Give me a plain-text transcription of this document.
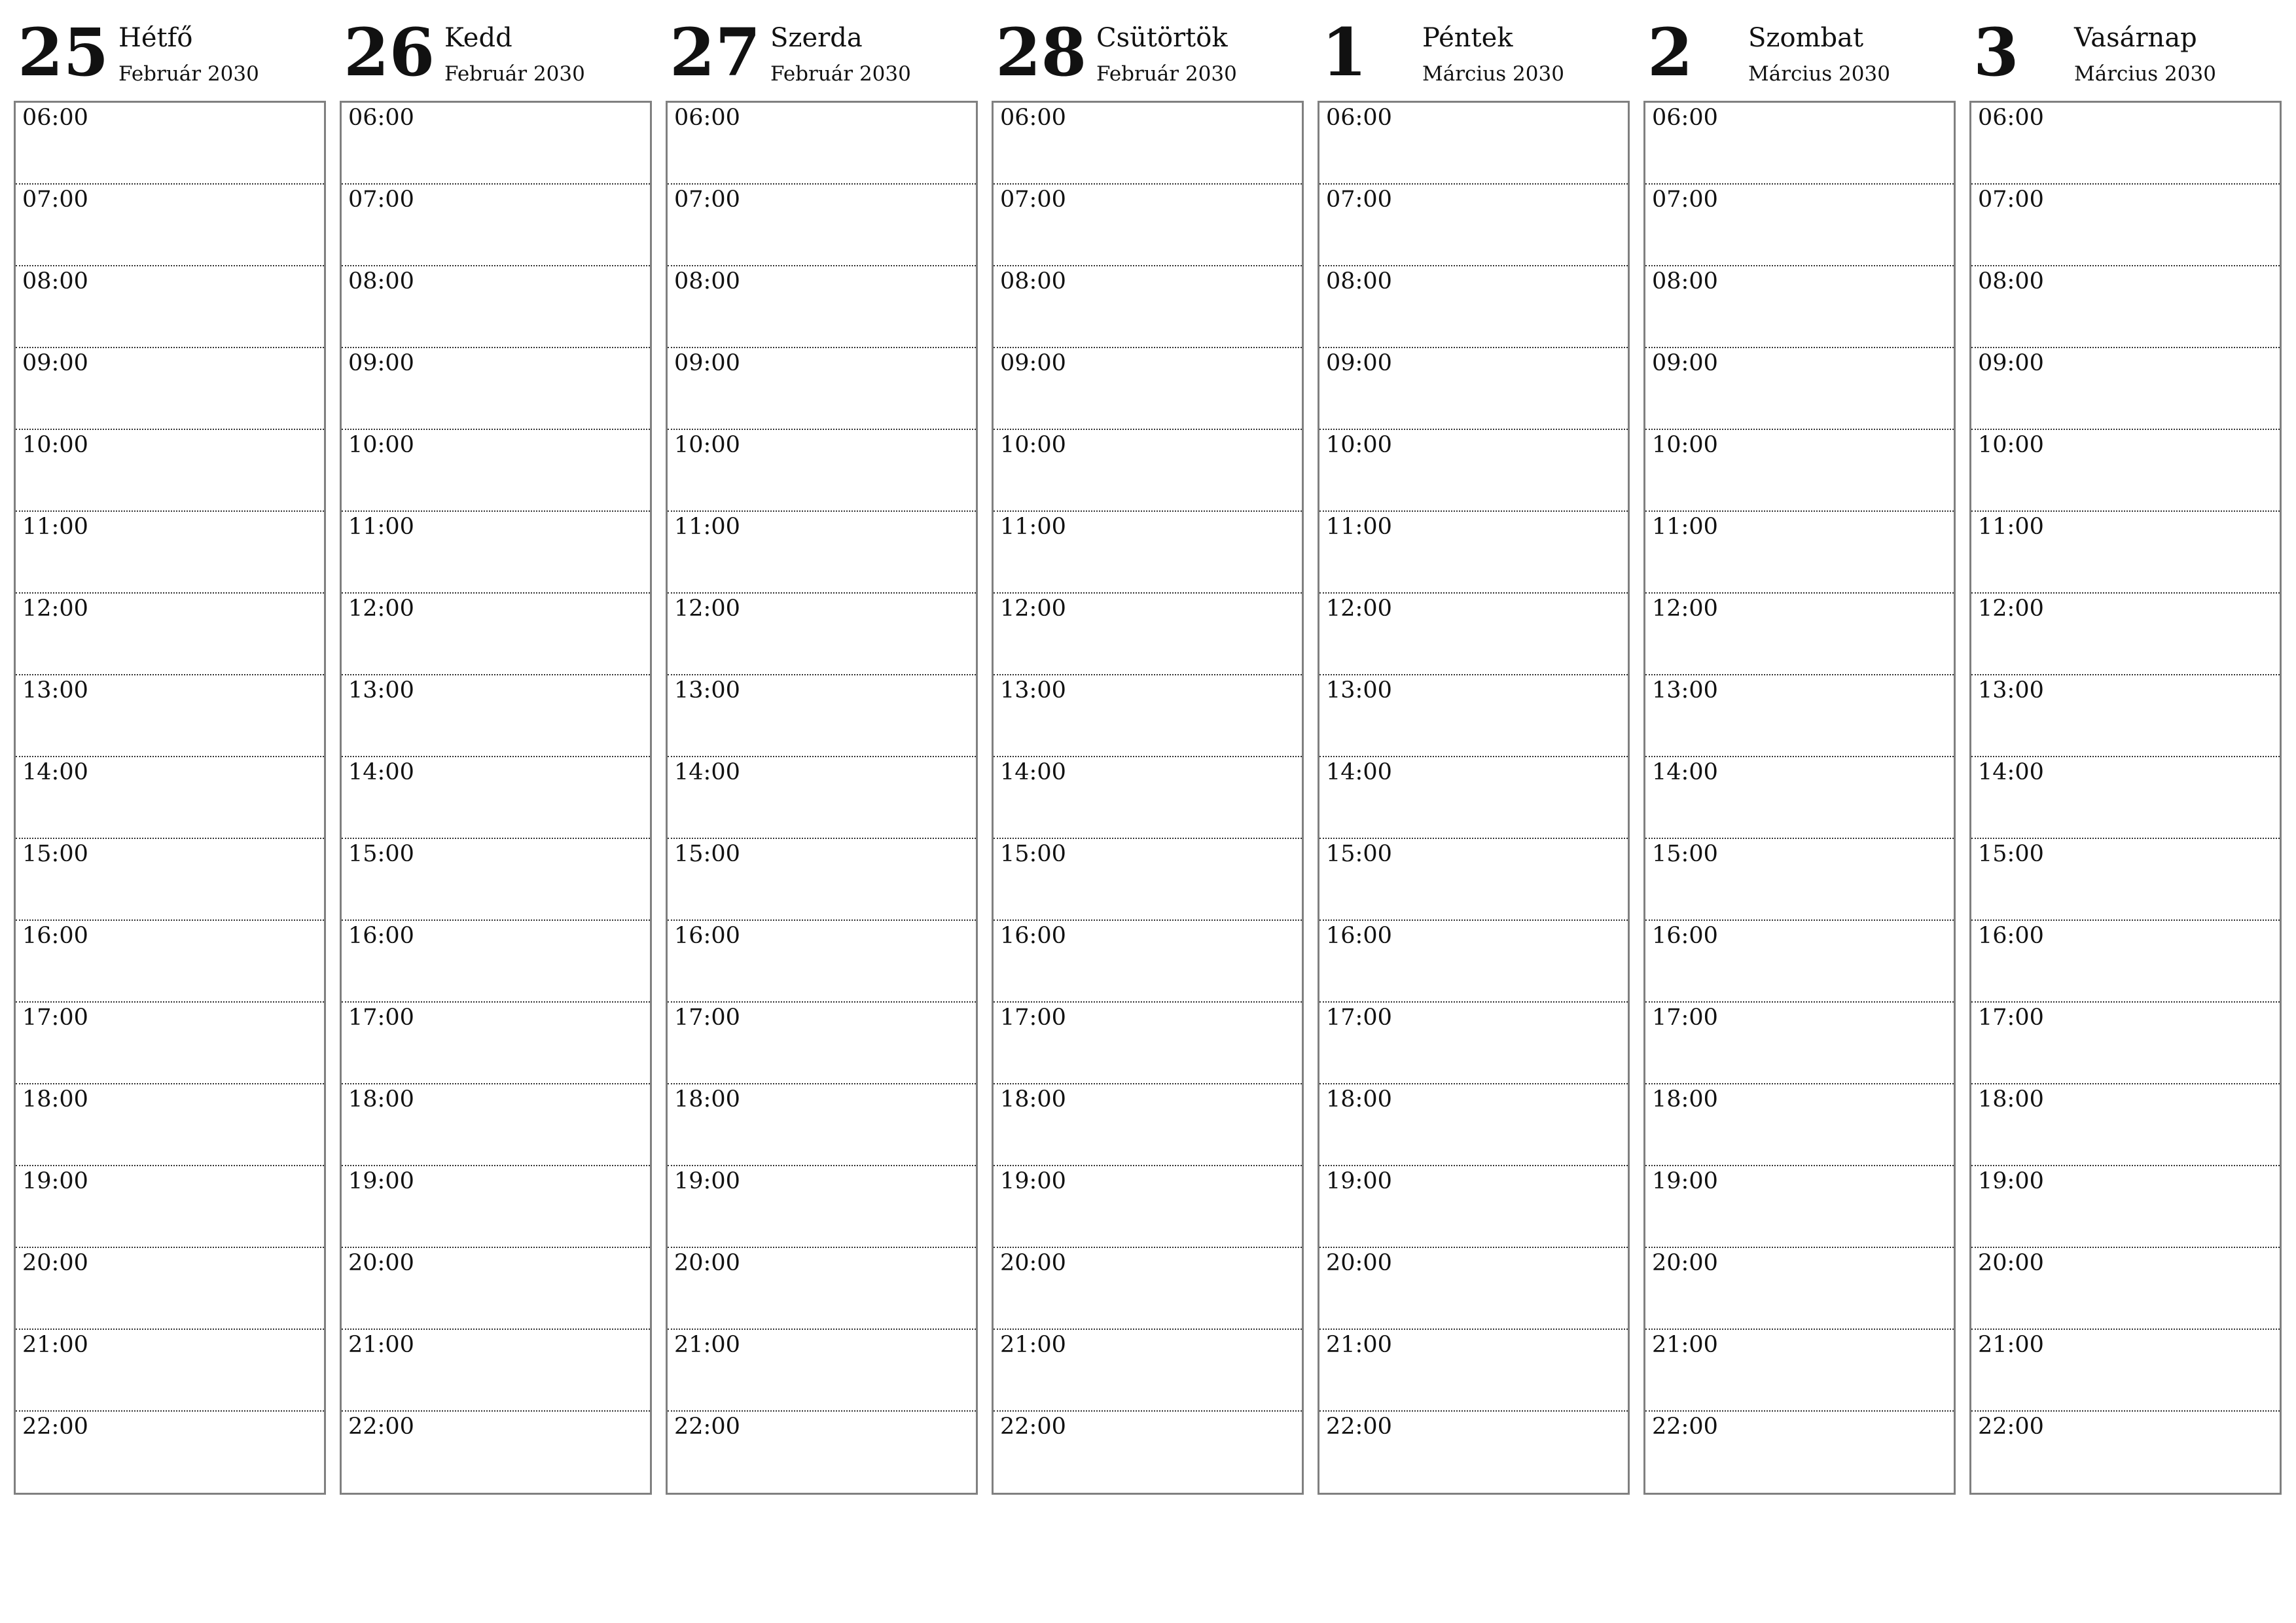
25 Hétfő
Február 2030
06:00
07:00
08:00
09:00
10:00
11:00
12:00
13:00
14:00
15:00
16:00
17:00
18:00
19:00
20:00
21:00
22:00
26 Kedd
Február 2030
06:00
07:00
08:00
09:00
10:00
11:00
12:00
13:00
14:00
15:00
16:00
17:00
18:00
19:00
20:00
21:00
22:00
27 Szerda
Február 2030
06:00
07:00
08:00
09:00
10:00
11:00
12:00
13:00
14:00
15:00
16:00
17:00
18:00
19:00
20:00
21:00
22:00
28 Csütörtök
Február 2030
06:00
07:00
08:00
09:00
10:00
11:00
12:00
13:00
14:00
15:00
16:00
17:00
18:00
19:00
20:00
21:00
22:00
1 Péntek
Március 2030
06:00
07:00
08:00
09:00
10:00
11:00
12:00
13:00
14:00
15:00
16:00
17:00
18:00
19:00
20:00
21:00
22:00
2 Szombat
Március 2030
06:00
07:00
08:00
09:00
10:00
11:00
12:00
13:00
14:00
15:00
16:00
17:00
18:00
19:00
20:00
21:00
22:00
3 Vasárnap
Március 2030
06:00
07:00
08:00
09:00
10:00
11:00
12:00
13:00
14:00
15:00
16:00
17:00
18:00
19:00
20:00
21:00
22:00
